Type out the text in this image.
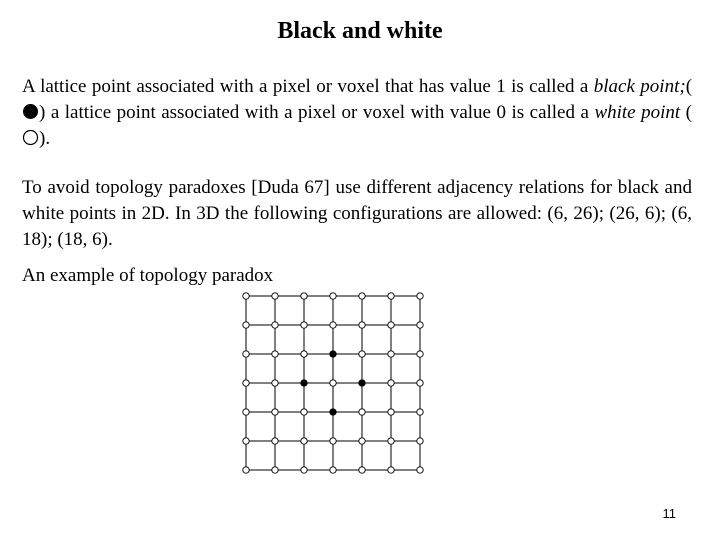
Black and white
A lattice point associated with a pixel or voxel that has value 1 is called a black point;() a lattice point associated with a pixel or voxel with value 0 is called a white point ().
To avoid topology paradoxes [Duda 67] use different adjacency relations for black and white points in 2D. In 3D the following configurations are allowed: (6, 26); (26, 6); (6, 18); (18, 6).
An example of topology paradox
11
